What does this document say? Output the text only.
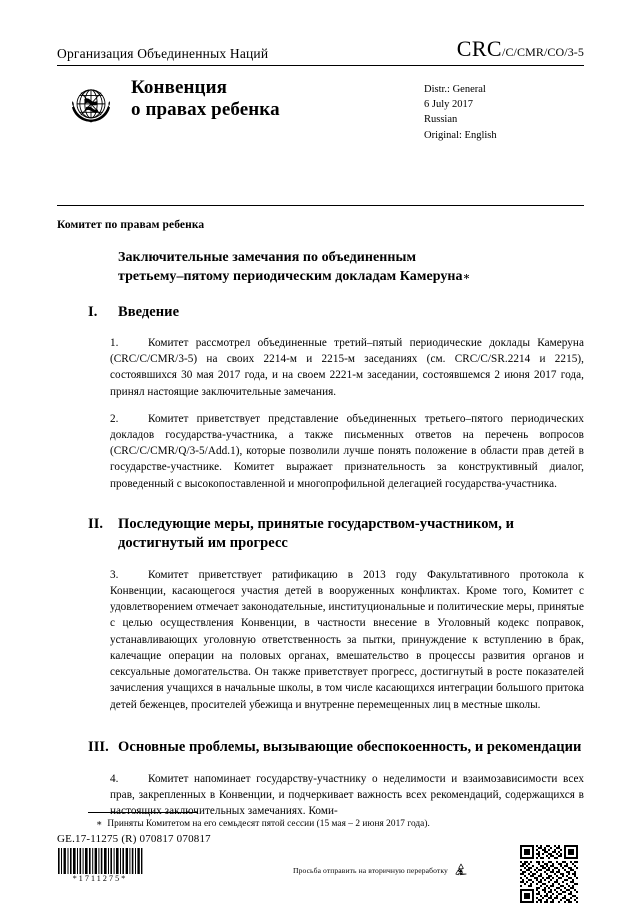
Организация Объединенных Наций	CRC /C/CMR/CO/3-5
Конвенция
о правах ребенка
Distr.: General
6 July 2017
Russian
Original: English
Комитет по правам ребенка
Заключительные замечания по объединенным
третьему–пятому периодическим докладам Камеруна∗
I.	Введение

1.	Комитет рассмотрел объединенные третий–пятый периодические доклады Камеруна (CRC/C/CMR/3-5) на своих 2214-м и 2215-м заседаниях (см. CRC/C/SR.2214 и 2215), состоявшихся 30 мая 2017 года, и на своем 2221-м заседании, состоявшемся 2 июня 2017 года, принял настоящие заключительные замечания.

2.	Комитет приветствует представление объединенных третьего–пятого периодических докладов государства-участника, а также письменных ответов на перечень вопросов (CRC/C/CMR/Q/3-5/Add.1), которые позволили лучше понять положение в области прав детей в государстве-участнике. Комитет выражает признательность за конструктивный диалог, проведенный с высокопоставленной и многопрофильной делегацией государства-участника.

II.	Последующие меры, принятые государством-участником, и достигнутый им прогресс

3.	Комитет приветствует ратификацию в 2013 году Факультативного протокола к Конвенции, касающегося участия детей в вооруженных конфликтах. Кроме того, Комитет с удовлетворением отмечает законодательные, институциональные и политические меры, принятые с целью осуществления Конвенции, в частности внесение в Уголовный кодекс поправок, устанавливающих уголовную ответственность за пытки, принуждение к вступлению в брак, калечащие операции на половых органах, вмешательство в процессы развития органов и сексуальные домогательства. Он также приветствует прогресс, достигнутый в росте показателей зачисления учащихся в начальные школы, в том числе касающихся интеграции большого притока детей беженцев, просителей убежища и внутренне перемещенных лиц в местные школы.

III. Основные проблемы, вызывающие обеспокоенность, и рекомендации

4.	Комитет напоминает государству-участнику о неделимости и взаимозависимости всех прав, закрепленных в Конвенции, и подчеркивает важность всех рекомендаций, содержащихся в настоящих заключительных замечаниях. Коми-

∗ Приняты Комитетом на его семьдесят пятой сессии (15 мая – 2 июня 2017 года).
GE.17-11275 (R) 070817 070817
*1711275*
Просьба отправить на вторичную переработку
